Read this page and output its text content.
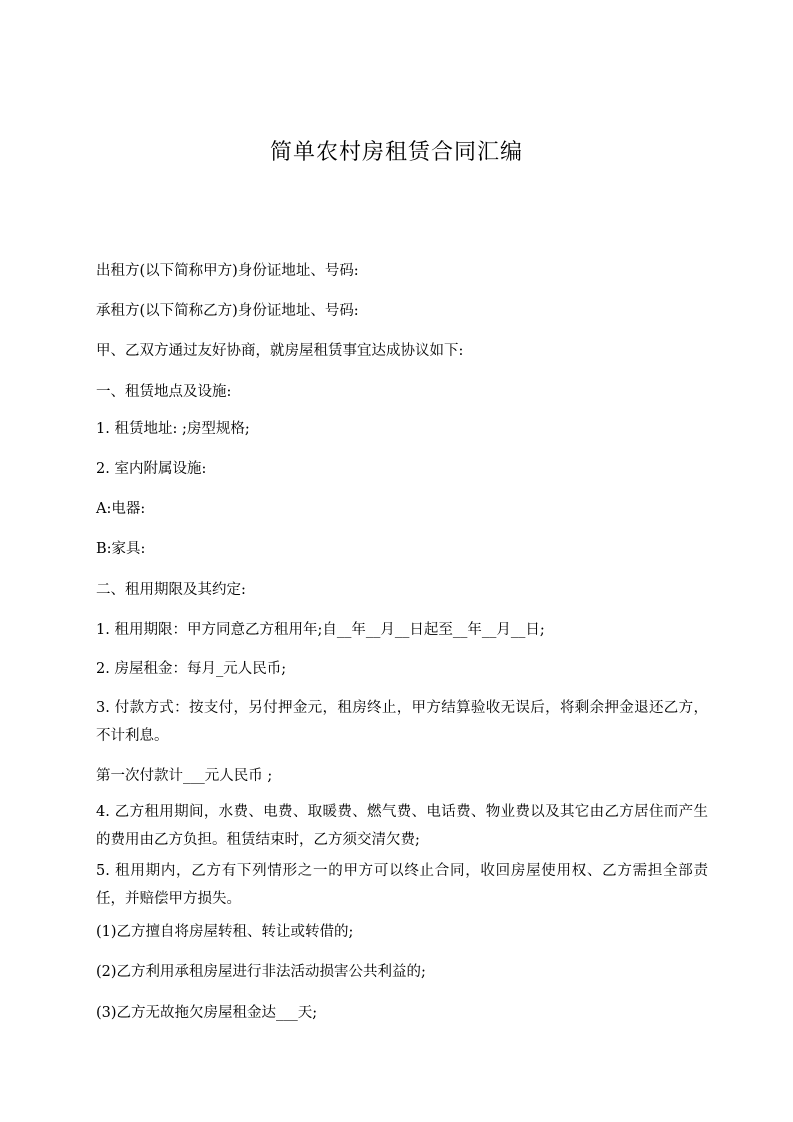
简单农村房租赁合同汇编
出租方(以下简称甲方)身份证地址、号码:
承租方(以下简称乙方)身份证地址、号码:
甲、乙双方通过友好协商，就房屋租赁事宜达成协议如下:
一、租赁地点及设施:
1. 租赁地址: ;房型规格;
2. 室内附属设施:
A:电器:
B:家具:
二、租用期限及其约定:
1. 租用期限：甲方同意乙方租用年;自__年__月__日起至__年__月__日;
2. 房屋租金：每月_元人民币;
3. 付款方式：按支付，另付押金元，租房终止，甲方结算验收无误后，将剩余押金退还乙方，不计利息。
第一次付款计___元人民币 ;
4. 乙方租用期间，水费、电费、取暖费、燃气费、电话费、物业费以及其它由乙方居住而产生的费用由乙方负担。租赁结束时，乙方须交清欠费;
5. 租用期内，乙方有下列情形之一的甲方可以终止合同，收回房屋使用权、乙方需担全部责任，并赔偿甲方损失。
(1)乙方擅自将房屋转租、转让或转借的;
(2)乙方利用承租房屋进行非法活动损害公共利益的;
(3)乙方无故拖欠房屋租金达___天;
